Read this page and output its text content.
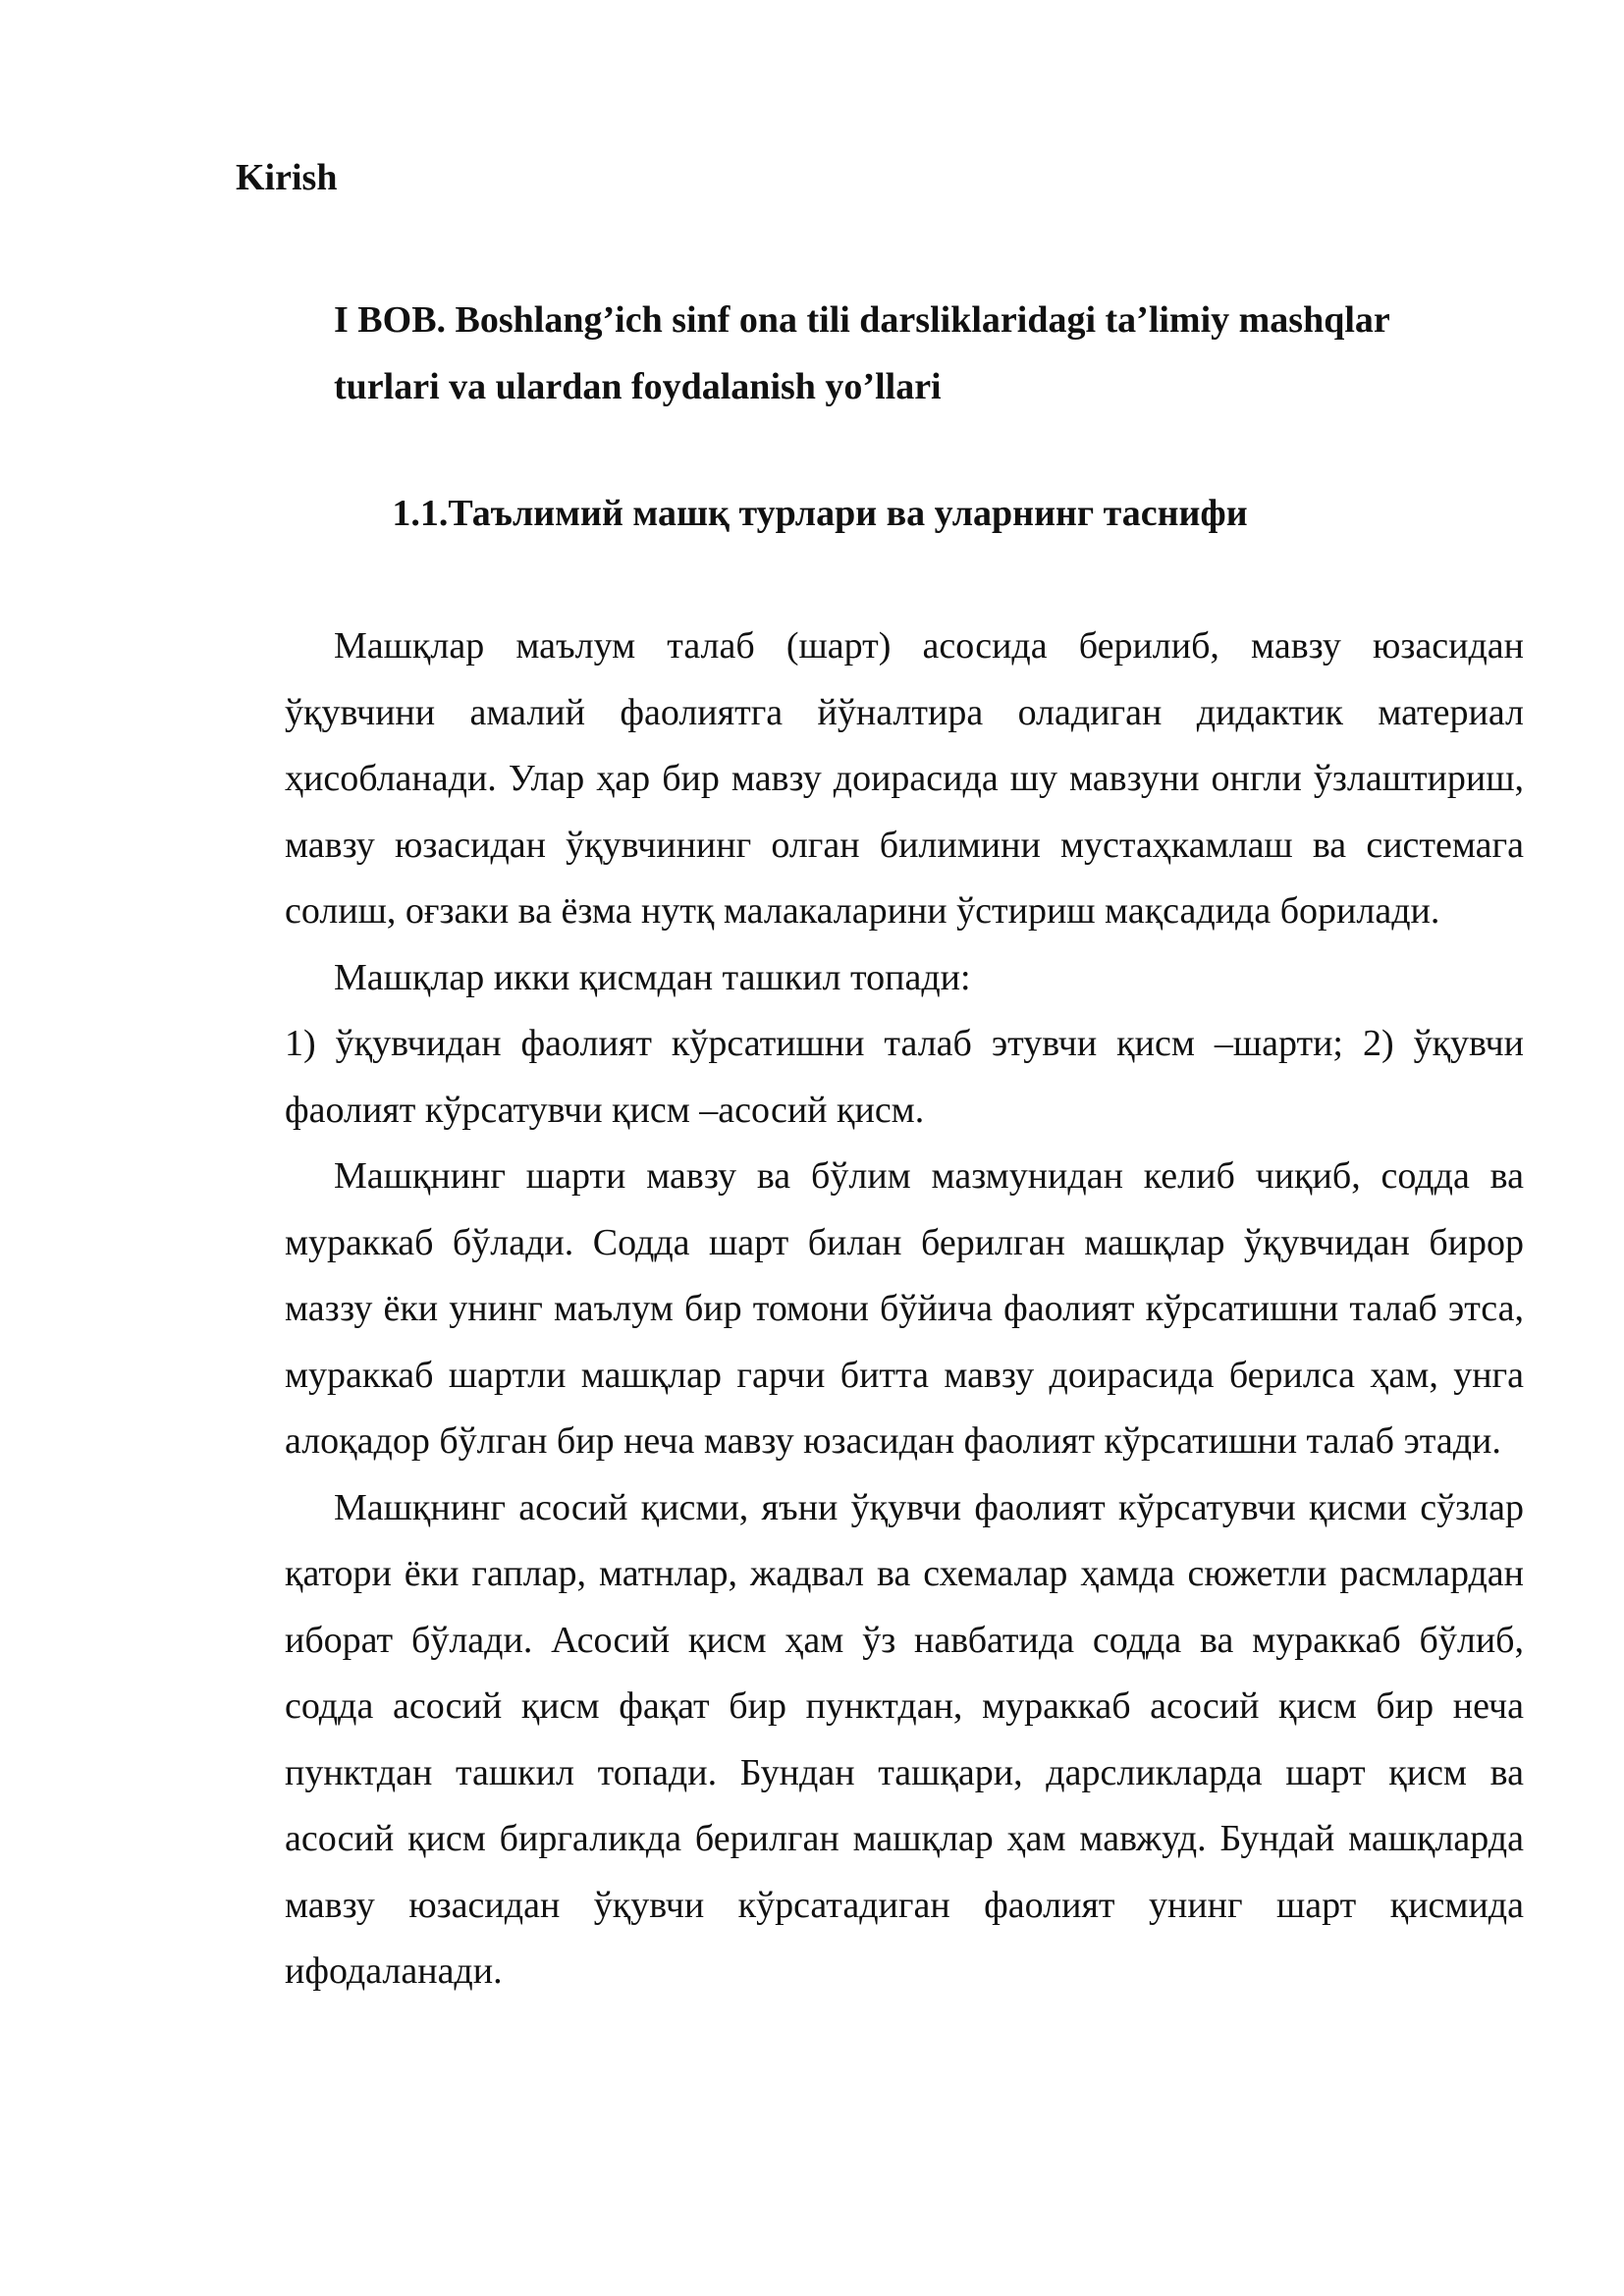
Kirish
I BOB. Boshlang’ich sinf ona tili darsliklaridagi ta’limiy mashqlar turlari va ulardan foydalanish yo’llari
1.1.Таълимий машқ турлари ва уларнинг таснифи

Машқлар маълум талаб (шарт) асосида берилиб, мавзу юзасидан ўқувчини амалий фаолиятга йўналтира оладиган дидактик материал ҳисобланади. Улар ҳар бир мавзу доирасида шу мавзуни онгли ўзлаштириш, мавзу юзасидан ўқувчининг олган билимини мустаҳкамлаш ва системага солиш, оғзаки ва ёзма нутқ малакаларини ўстириш мақсадида борилади.

Машқлар икки қисмдан ташкил топади:

1) ўқувчидан фаолият кўрсатишни талаб этувчи қисм –шарти; 2) ўқувчи фаолият кўрсатувчи қисм –асосий қисм.

Машқнинг шарти мавзу ва бўлим мазмунидан келиб чиқиб, содда ва мураккаб бўлади. Содда шарт билан берилган машқлар ўқувчидан бирор маззу ёки унинг маълум бир томони бўйича фаолият кўрсатишни талаб этса, мураккаб шартли машқлар гарчи битта мавзу доирасида берилса ҳам, унга алоқадор бўлган бир неча мавзу юзасидан фаолият кўрсатишни талаб этади.

Машқнинг асосий қисми, яъни ўқувчи фаолият кўрсатувчи қисми сўзлар қатори ёки гаплар, матнлар, жадвал ва схемалар ҳамда сюжетли расмлардан иборат бўлади. Асосий қисм ҳам ўз навбатида содда ва мураккаб бўлиб, содда асосий қисм фақат бир пунктдан, мураккаб асосий қисм бир неча пунктдан ташкил топади. Бундан ташқари, дарсликларда шарт қисм ва асосий қисм биргаликда берилган машқлар ҳам мавжуд. Бундай машқларда мавзу юзасидан ўқувчи кўрсатадиган фаолият унинг шарт қисмида ифодаланади.
